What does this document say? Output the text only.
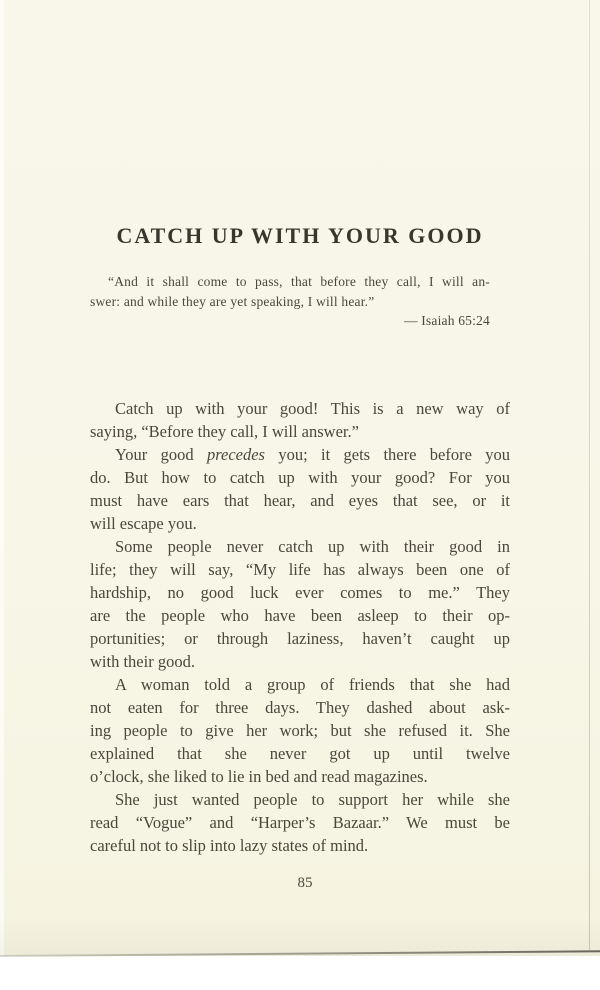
CATCH UP WITH YOUR GOOD
“And it shall come to pass, that before they call, I will an-
swer: and while they are yet speaking, I will hear.”
— Isaiah 65:24
Catch up with your good! This is a new way of
saying, “Before they call, I will answer.”
Your good precedes you; it gets there before you
do. But how to catch up with your good? For you
must have ears that hear, and eyes that see, or it
will escape you.
Some people never catch up with their good in
life; they will say, “My life has always been one of
hardship, no good luck ever comes to me.” They
are the people who have been asleep to their op-
portunities; or through laziness, haven’t caught up
with their good.
A woman told a group of friends that she had
not eaten for three days. They dashed about ask-
ing people to give her work; but she refused it. She
explained that she never got up until twelve
o’clock, she liked to lie in bed and read magazines.
She just wanted people to support her while she
read “Vogue” and “Harper’s Bazaar.” We must be
careful not to slip into lazy states of mind.
85
